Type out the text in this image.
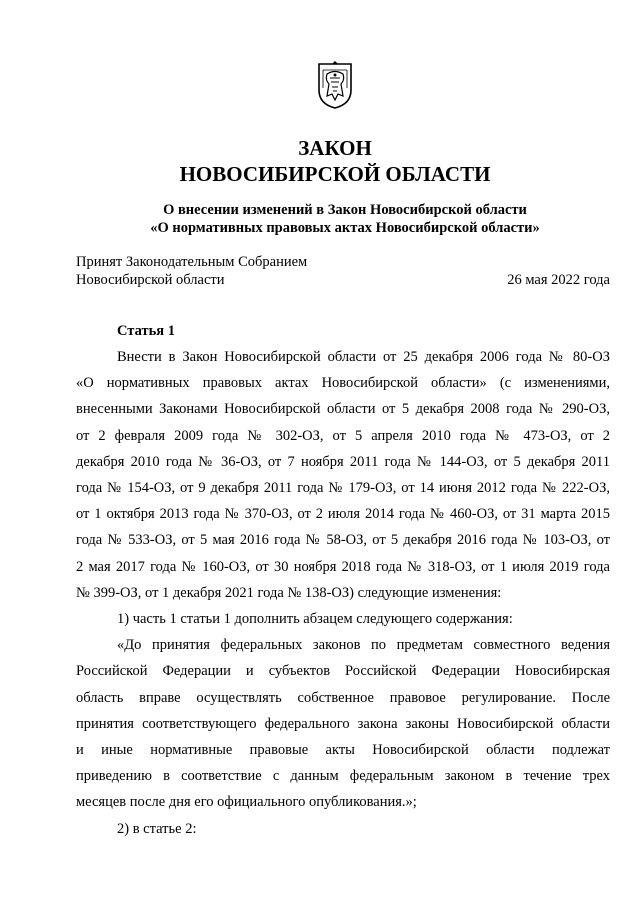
ЗАКОН
НОВОСИБИРСКОЙ ОБЛАСТИ
О внесении изменений в Закон Новосибирской области
«О нормативных правовых актах Новосибирской области»
Принят Законодательным Собранием
Новосибирской области	26 мая 2022 года
Статья 1
Внести в Закон Новосибирской области от 25 декабря 2006 года № 80-ОЗ
«О нормативных правовых актах Новосибирской области» (с изменениями,
внесенными Законами Новосибирской области от 5 декабря 2008 года № 290-ОЗ,
от 2 февраля 2009 года № 302-ОЗ, от 5 апреля 2010 года № 473-ОЗ, от 2
декабря 2010 года № 36-ОЗ, от 7 ноября 2011 года № 144-ОЗ, от 5 декабря 2011
года № 154-ОЗ, от 9 декабря 2011 года № 179-ОЗ, от 14 июня 2012 года № 222-ОЗ,
от 1 октября 2013 года № 370-ОЗ, от 2 июля 2014 года № 460-ОЗ, от 31 марта 2015
года № 533-ОЗ, от 5 мая 2016 года № 58-ОЗ, от 5 декабря 2016 года № 103-ОЗ, от
2 мая 2017 года № 160-ОЗ, от 30 ноября 2018 года № 318-ОЗ, от 1 июля 2019 года
№ 399-ОЗ, от 1 декабря 2021 года № 138-ОЗ) следующие изменения:
1) часть 1 статьи 1 дополнить абзацем следующего содержания:
«До принятия федеральных законов по предметам совместного ведения
Российской Федерации и субъектов Российской Федерации Новосибирская
область вправе осуществлять собственное правовое регулирование. После
принятия соответствующего федерального закона законы Новосибирской области
и иные нормативные правовые акты Новосибирской области подлежат
приведению в соответствие с данным федеральным законом в течение трех
месяцев после дня его официального опубликования.»;
2) в статье 2:
